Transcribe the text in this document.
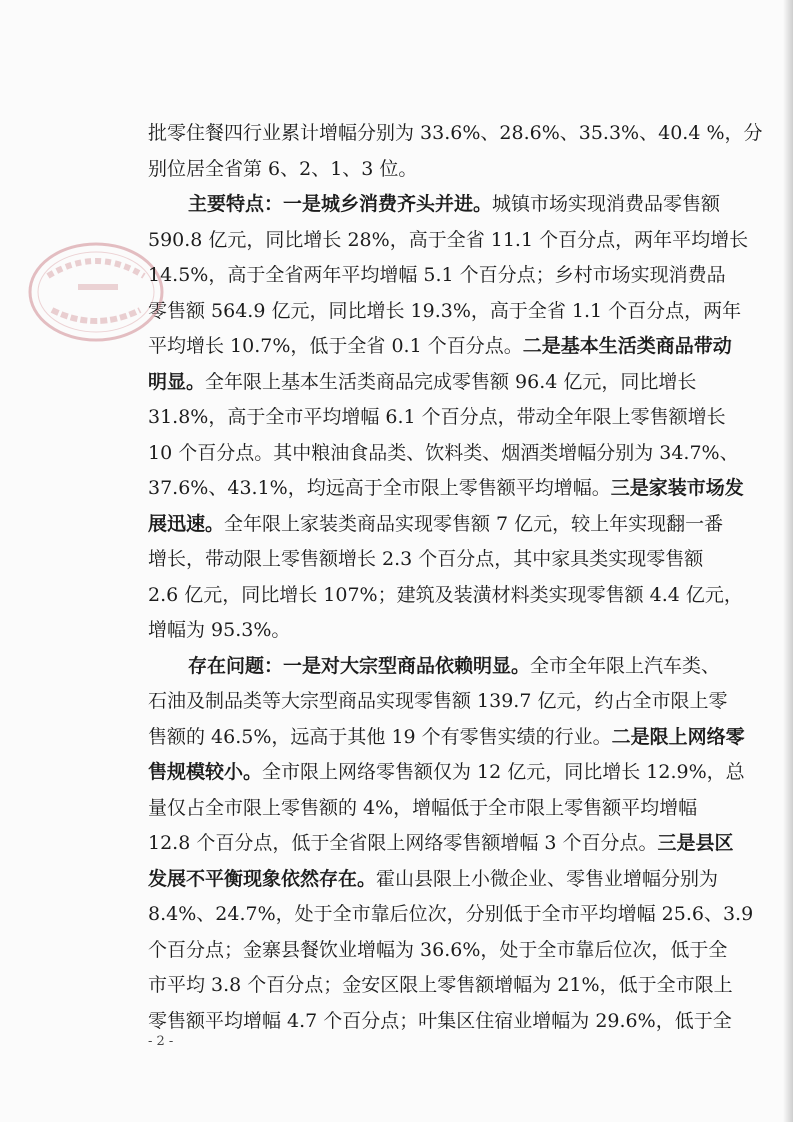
批零住餐四行业累计增幅分别为 33.6%、28.6%、35.3%、40.4 %，分
别位居全省第 6、2、1、3 位。
主要特点：一是城乡消费齐头并进。城镇市场实现消费品零售额
590.8 亿元，同比增长 28%，高于全省 11.1 个百分点，两年平均增长
14.5%，高于全省两年平均增幅 5.1 个百分点；乡村市场实现消费品
零售额 564.9 亿元，同比增长 19.3%，高于全省 1.1 个百分点，两年
平均增长 10.7%，低于全省 0.1 个百分点。二是基本生活类商品带动
明显。全年限上基本生活类商品完成零售额 96.4 亿元，同比增长
31.8%，高于全市平均增幅 6.1 个百分点，带动全年限上零售额增长
10 个百分点。其中粮油食品类、饮料类、烟酒类增幅分别为 34.7%、
37.6%、43.1%，均远高于全市限上零售额平均增幅。三是家装市场发
展迅速。全年限上家装类商品实现零售额 7 亿元，较上年实现翻一番
增长，带动限上零售额增长 2.3 个百分点，其中家具类实现零售额
2.6 亿元，同比增长 107%；建筑及装潢材料类实现零售额 4.4 亿元，
增幅为 95.3%。
存在问题：一是对大宗型商品依赖明显。全市全年限上汽车类、
石油及制品类等大宗型商品实现零售额 139.7 亿元，约占全市限上零
售额的 46.5%，远高于其他 19 个有零售实绩的行业。二是限上网络零
售规模较小。全市限上网络零售额仅为 12 亿元，同比增长 12.9%，总
量仅占全市限上零售额的 4%，增幅低于全市限上零售额平均增幅
12.8 个百分点，低于全省限上网络零售额增幅 3 个百分点。三是县区
发展不平衡现象依然存在。霍山县限上小微企业、零售业增幅分别为
8.4%、24.7%，处于全市靠后位次，分别低于全市平均增幅 25.6、3.9
个百分点；金寨县餐饮业增幅为 36.6%，处于全市靠后位次，低于全
市平均 3.8 个百分点；金安区限上零售额增幅为 21%，低于全市限上
零售额平均增幅 4.7 个百分点；叶集区住宿业增幅为 29.6%，低于全
- 2 -
